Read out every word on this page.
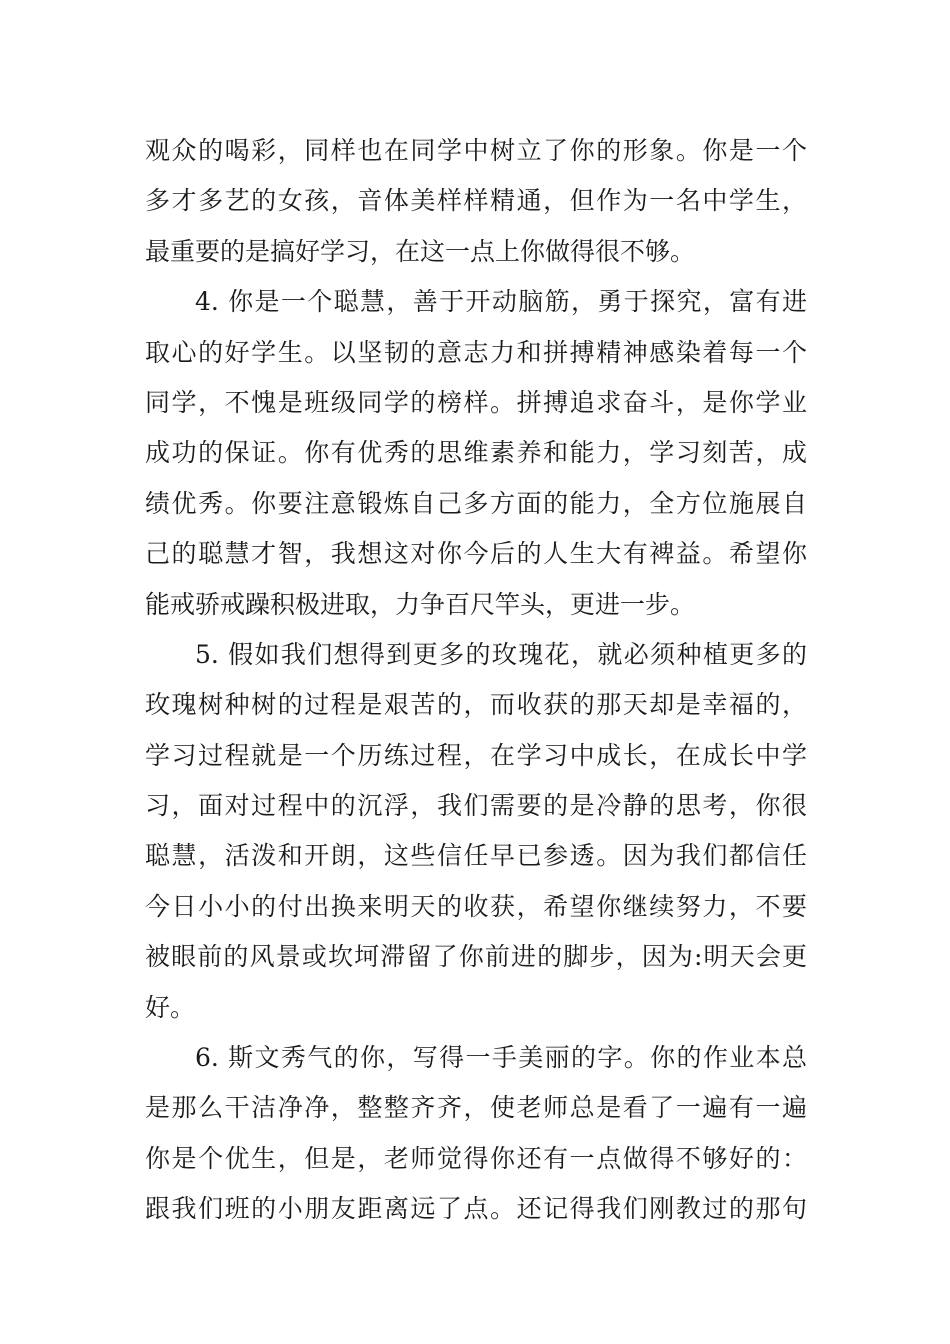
观众的喝彩，同样也在同学中树立了你的形象。你是一个
多才多艺的女孩，音体美样样精通，但作为一名中学生，
最重要的是搞好学习，在这一点上你做得很不够。
4. 你是一个聪慧，善于开动脑筋，勇于探究，富有进
取心的好学生。以坚韧的意志力和拼搏精神感染着每一个
同学，不愧是班级同学的榜样。拼搏追求奋斗，是你学业
成功的保证。你有优秀的思维素养和能力，学习刻苦，成
绩优秀。你要注意锻炼自己多方面的能力，全方位施展自
己的聪慧才智，我想这对你今后的人生大有裨益。希望你
能戒骄戒躁积极进取，力争百尺竿头，更进一步。
5. 假如我们想得到更多的玫瑰花，就必须种植更多的
玫瑰树种树的过程是艰苦的，而收获的那天却是幸福的，
学习过程就是一个历练过程，在学习中成长，在成长中学
习，面对过程中的沉浮，我们需要的是冷静的思考，你很
聪慧，活泼和开朗，这些信任早已参透。因为我们都信任
今日小小的付出换来明天的收获，希望你继续努力，不要
被眼前的风景或坎坷滞留了你前进的脚步，因为:明天会更
好。
6. 斯文秀气的你，写得一手美丽的字。你的作业本总
是那么干洁净净，整整齐齐，使老师总是看了一遍有一遍
你是个优生，但是，老师觉得你还有一点做得不够好的：
跟我们班的小朋友距离远了点。还记得我们刚教过的那句
